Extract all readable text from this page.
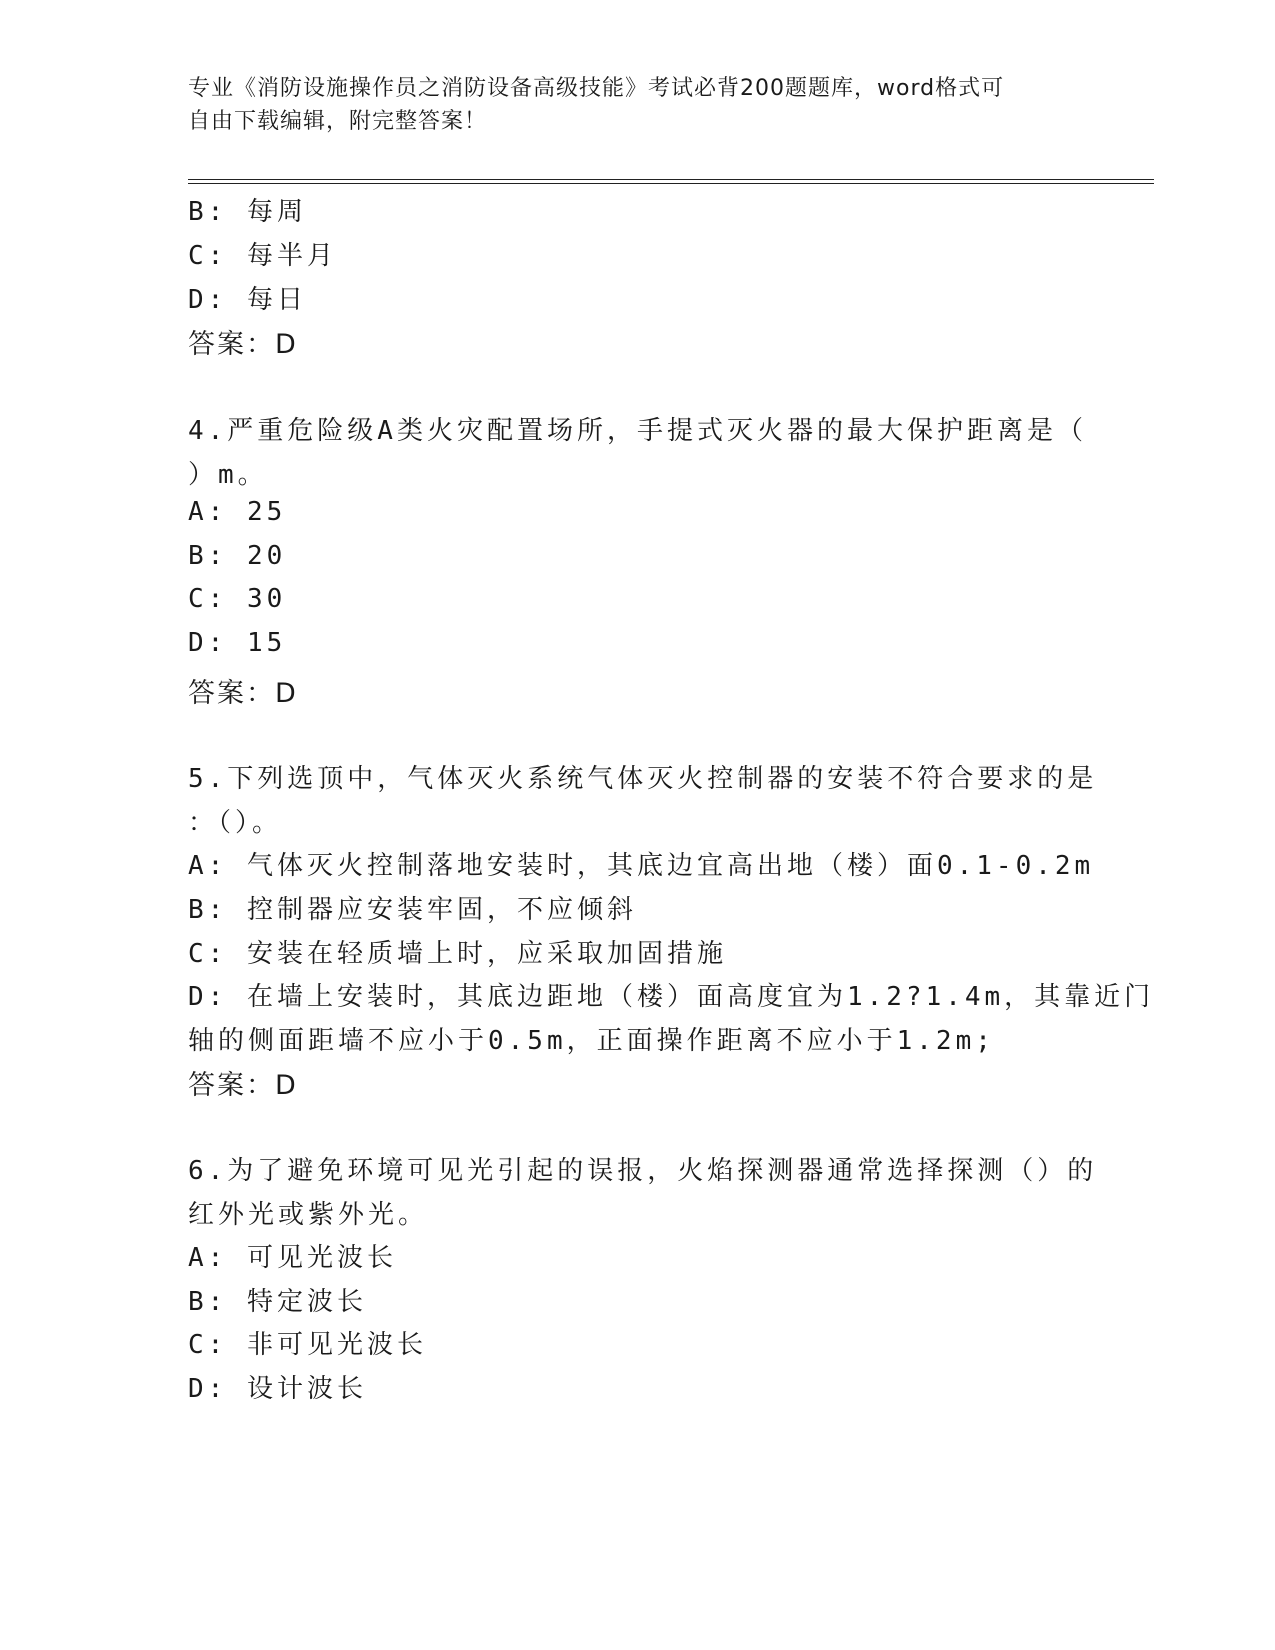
专业《消防设施操作员之消防设备高级技能》考试必背200题题库，word格式可
自由下载编辑，附完整答案！
B: 每周
C: 每半月
D: 每日
答案：D
4.严重危险级A类火灾配置场所，手提式灭火器的最大保护距离是（
）m。
A: 25
B: 20
C: 30
D: 15
答案：D
5.下列选顶中，气体灭火系统气体灭火控制器的安装不符合要求的是
：（）。
A: 气体灭火控制落地安装时，其底边宜高出地（楼）面0.1-0.2m
B: 控制器应安装牢固，不应倾斜
C: 安装在轻质墙上时，应采取加固措施
D: 在墙上安装时，其底边距地（楼）面高度宜为1.2?1.4m，其靠近门
轴的侧面距墙不应小于0.5m，正面操作距离不应小于1.2m;
答案：D
6.为了避免环境可见光引起的误报，火焰探测器通常选择探测（）的
红外光或紫外光。
A: 可见光波长
B: 特定波长
C: 非可见光波长
D: 设计波长
